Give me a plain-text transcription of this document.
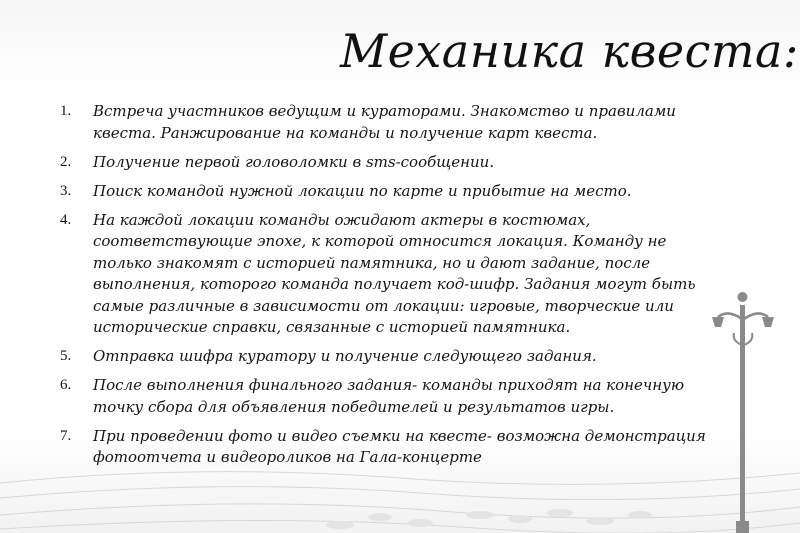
Механика квеста:
1. Встреча участников ведущим и кураторами. Знакомство и правилами квеста. Ранжирование на команды и получение карт квеста.
2. Получение первой головоломки в sms-сообщении.
3. Поиск командой нужной локации по карте и прибытие на место.
4. На каждой локации команды ожидают актеры в костюмах, соответствующие эпохе, к которой относится локация. Команду не только знакомят с историей памятника, но и дают задание, после выполнения, которого команда получает код-шифр. Задания могут быть самые различные в зависимости от локации: игровые, творческие или исторические справки, связанные с историей памятника.
5. Отправка шифра куратору и получение следующего задания.
6. После выполнения финального задания- команды приходят на конечную точку сбора для объявления победителей и результатов игры.
7. При проведении фото и видео съемки на квесте- возможна демонстрация фотоотчета и видеороликов на Гала-концерте
